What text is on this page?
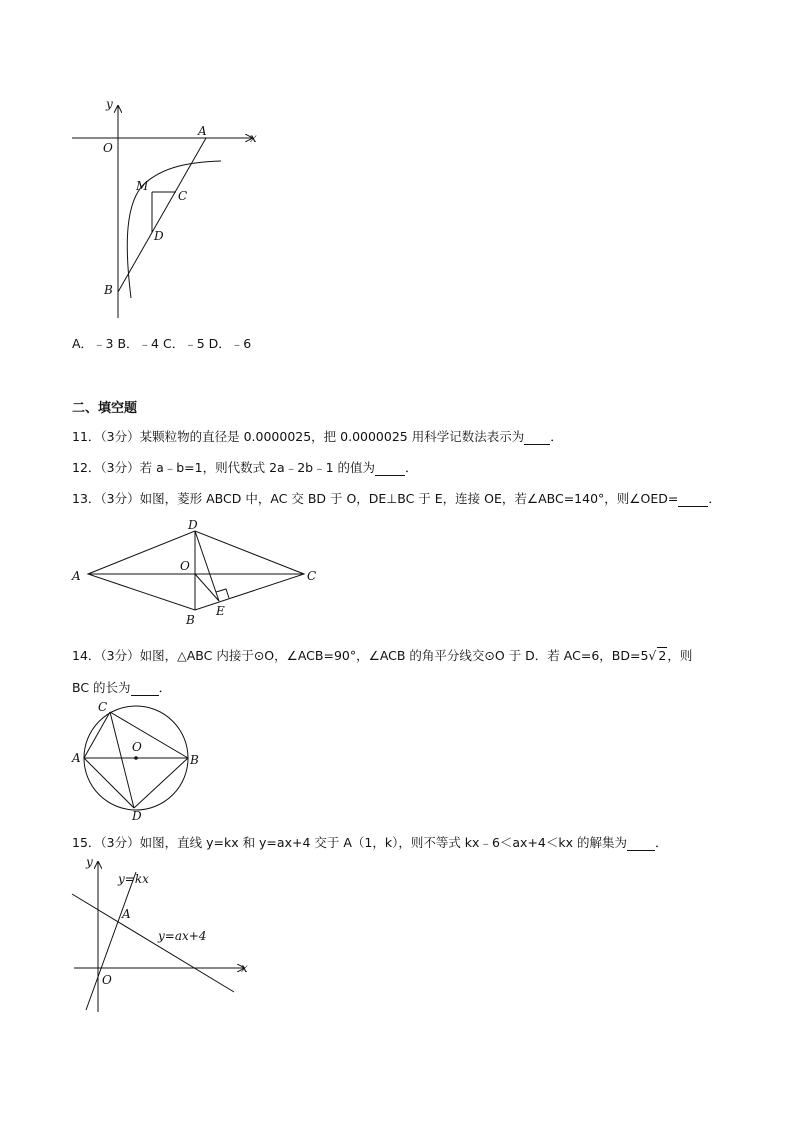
y
x
O
A
M
C
D
B
A．﹣3 B．﹣4 C．﹣5 D．﹣6
二、填空题
11．（3分）某颗粒物的直径是 0.0000025，把 0.0000025 用科学记数法表示为 ．
12．（3分）若 a﹣b=1，则代数式 2a﹣2b﹣1 的值为 ．
13．（3分）如图，菱形 ABCD 中，AC 交 BD 于 O，DE⊥BC 于 E，连接 OE，若∠ABC=140°，则∠OED= ．
A
D
O
C
B
E
14．（3分）如图，△ABC 内接于⊙O，∠ACB=90°，∠ACB 的角平分线交⊙O 于 D．若 AC=6，BD=5√ 2，则
BC 的长为 ．
C
A
O
B
D
15．（3分）如图，直线 y=kx 和 y=ax+4 交于 A（1，k），则不等式 kx﹣6＜ax+4＜kx 的解集为 ．
y
y=kx
A
y=ax+4
x
O
